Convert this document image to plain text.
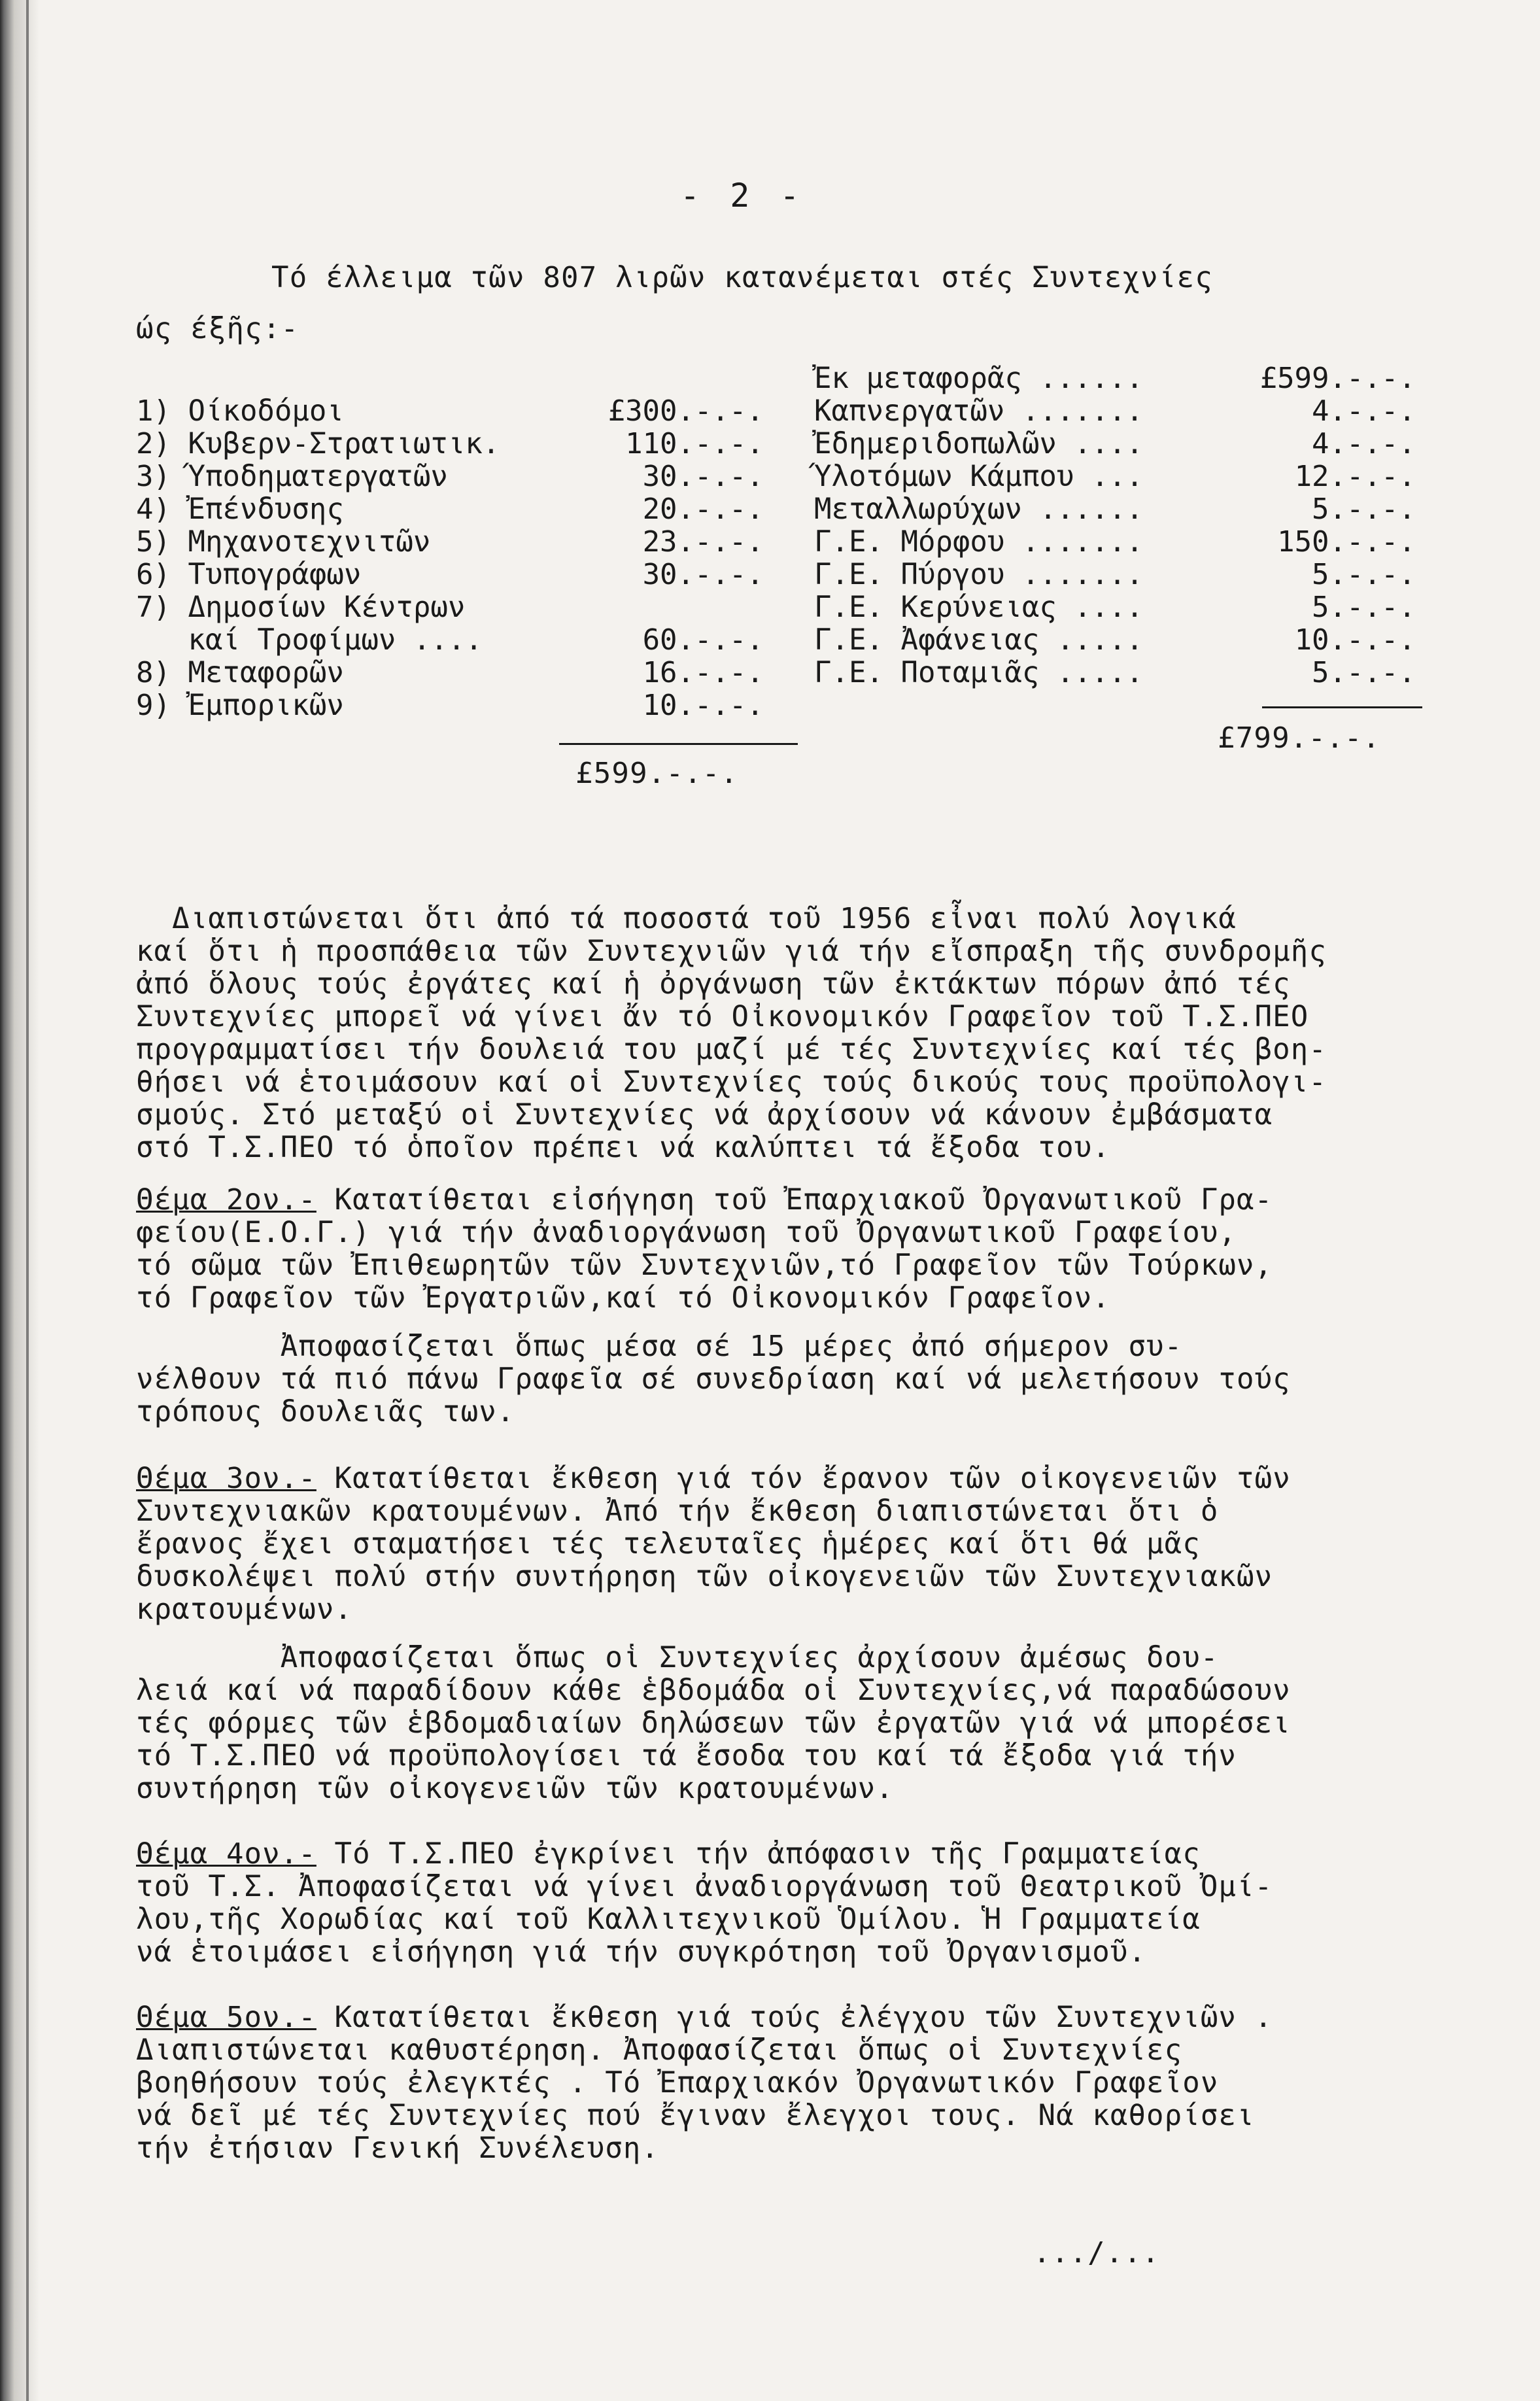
- 2 -
Τό έλλειμα τῶν 807 λιρῶν κατανέμεται στές Συντεχνίες
ώς έξῆς:-
1) Οίκοδόμοι	£300.-.-.
2) Κυβερν-Στρατιωτικ.	110.-.-.
3) Ύποδηματεργατῶν	30.-.-.
4) Ἐπένδυσης	20.-.-.
5) Μηχανοτεχνιτῶν	23.-.-.
6) Τυπογράφων	30.-.-.
7) Δημοσίων Κέντρων
καί Τροφίμων ....	60.-.-.
8) Μεταφορῶν	16.-.-.
9) Ἐμπορικῶν	10.-.-.
£599.-.-.
Ἐκ μεταφορᾶς ......	£599.-.-.
Καπνεργατῶν .......	4.-.-.
Ἐδημεριδοπωλῶν ....	4.-.-.
Ύλοτόμων Κάμπου ...	12.-.-.
Μεταλλωρύχων ......	5.-.-.
Γ.Ε. Μόρφου .......	150.-.-.
Γ.Ε. Πύργου .......	5.-.-.
Γ.Ε. Κερύνειας ....	5.-.-.
Γ.Ε. Ἀφάνειας .....	10.-.-.
Γ.Ε. Ποταμιᾶς .....	5.-.-.
£799.-.-.
Διαπιστώνεται ὅτι ἀπό τά ποσοστά τοῦ 1956 εἶναι πολύ λογικά
καί ὅτι ἡ προσπάθεια τῶν Συντεχνιῶν γιά τήν εἴσπραξη τῆς συνδρομῆς
ἀπό ὅλους τούς ἐργάτες καί ἡ ὀργάνωση τῶν ἐκτάκτων πόρων ἀπό τές
Συντεχνίες μπορεῖ νά γίνει ἄν τό Οἰκονομικόν Γραφεῖον τοῦ Τ.Σ.ΠΕΟ
προγραμματίσει τήν δουλειά του μαζί μέ τές Συντεχνίες καί τές βοη-
θήσει νά ἑτοιμάσουν καί οἱ Συντεχνίες τούς δικούς τους προϋπολογι-
σμούς. Στό μεταξύ οἱ Συντεχνίες νά ἀρχίσουν νά κάνουν ἐμβάσματα
στό Τ.Σ.ΠΕΟ τό ὁποῖον πρέπει νά καλύπτει τά ἔξοδα του.
Θέμα 2ον.- Κατατίθεται εἰσήγηση τοῦ Ἐπαρχιακοῦ Ὀργανωτικοῦ Γρα-
φείου(Ε.Ο.Γ.) γιά τήν ἀναδιοργάνωση τοῦ Ὀργανωτικοῦ Γραφείου,
τό σῶμα τῶν Ἐπιθεωρητῶν τῶν Συντεχνιῶν,τό Γραφεῖον τῶν Τούρκων,
τό Γραφεῖον τῶν Ἐργατριῶν,καί τό Οἰκονομικόν Γραφεῖον.
Ἀποφασίζεται ὅπως μέσα σέ 15 μέρες ἀπό σήμερον συ-
νέλθουν τά πιό πάνω Γραφεῖα σέ συνεδρίαση καί νά μελετήσουν τούς
τρόπους δουλειᾶς των.
Θέμα 3ον.- Κατατίθεται ἔκθεση γιά τόν ἔρανον τῶν οἰκογενειῶν τῶν
Συντεχνιακῶν κρατουμένων. Ἀπό τήν ἔκθεση διαπιστώνεται ὅτι ὁ
ἔρανος ἔχει σταματήσει τές τελευταῖες ἡμέρες καί ὅτι θά μᾶς
δυσκολέψει πολύ στήν συντήρηση τῶν οἰκογενειῶν τῶν Συντεχνιακῶν
κρατουμένων.
Ἀποφασίζεται ὅπως οἱ Συντεχνίες ἀρχίσουν ἀμέσως δου-
λειά καί νά παραδίδουν κάθε ἑβδομάδα οἱ Συντεχνίες,νά παραδώσουν
τές φόρμες τῶν ἑβδομαδιαίων δηλώσεων τῶν ἐργατῶν γιά νά μπορέσει
τό Τ.Σ.ΠΕΟ νά προϋπολογίσει τά ἔσοδα του καί τά ἔξοδα γιά τήν
συντήρηση τῶν οἰκογενειῶν τῶν κρατουμένων.
Θέμα 4ον.- Τό Τ.Σ.ΠΕΟ ἐγκρίνει τήν ἀπόφασιν τῆς Γραμματείας
τοῦ Τ.Σ. Ἀποφασίζεται νά γίνει ἀναδιοργάνωση τοῦ Θεατρικοῦ Ὀμί-
λου,τῆς Χορωδίας καί τοῦ Καλλιτεχνικοῦ Ὁμίλου. Ἡ Γραμματεία
νά ἑτοιμάσει εἰσήγηση γιά τήν συγκρότηση τοῦ Ὀργανισμοῦ.
Θέμα 5ον.- Κατατίθεται ἔκθεση γιά τούς ἐλέγχου τῶν Συντεχνιῶν .
Διαπιστώνεται καθυστέρηση. Ἀποφασίζεται ὅπως οἱ Συντεχνίες
βοηθήσουν τούς ἐλεγκτές . Τό Ἐπαρχιακόν Ὀργανωτικόν Γραφεῖον
νά δεῖ μέ τές Συντεχνίες πού ἔγιναν ἔλεγχοι τους. Νά καθορίσει
τήν ἐτήσιαν Γενική Συνέλευση.
.../...
